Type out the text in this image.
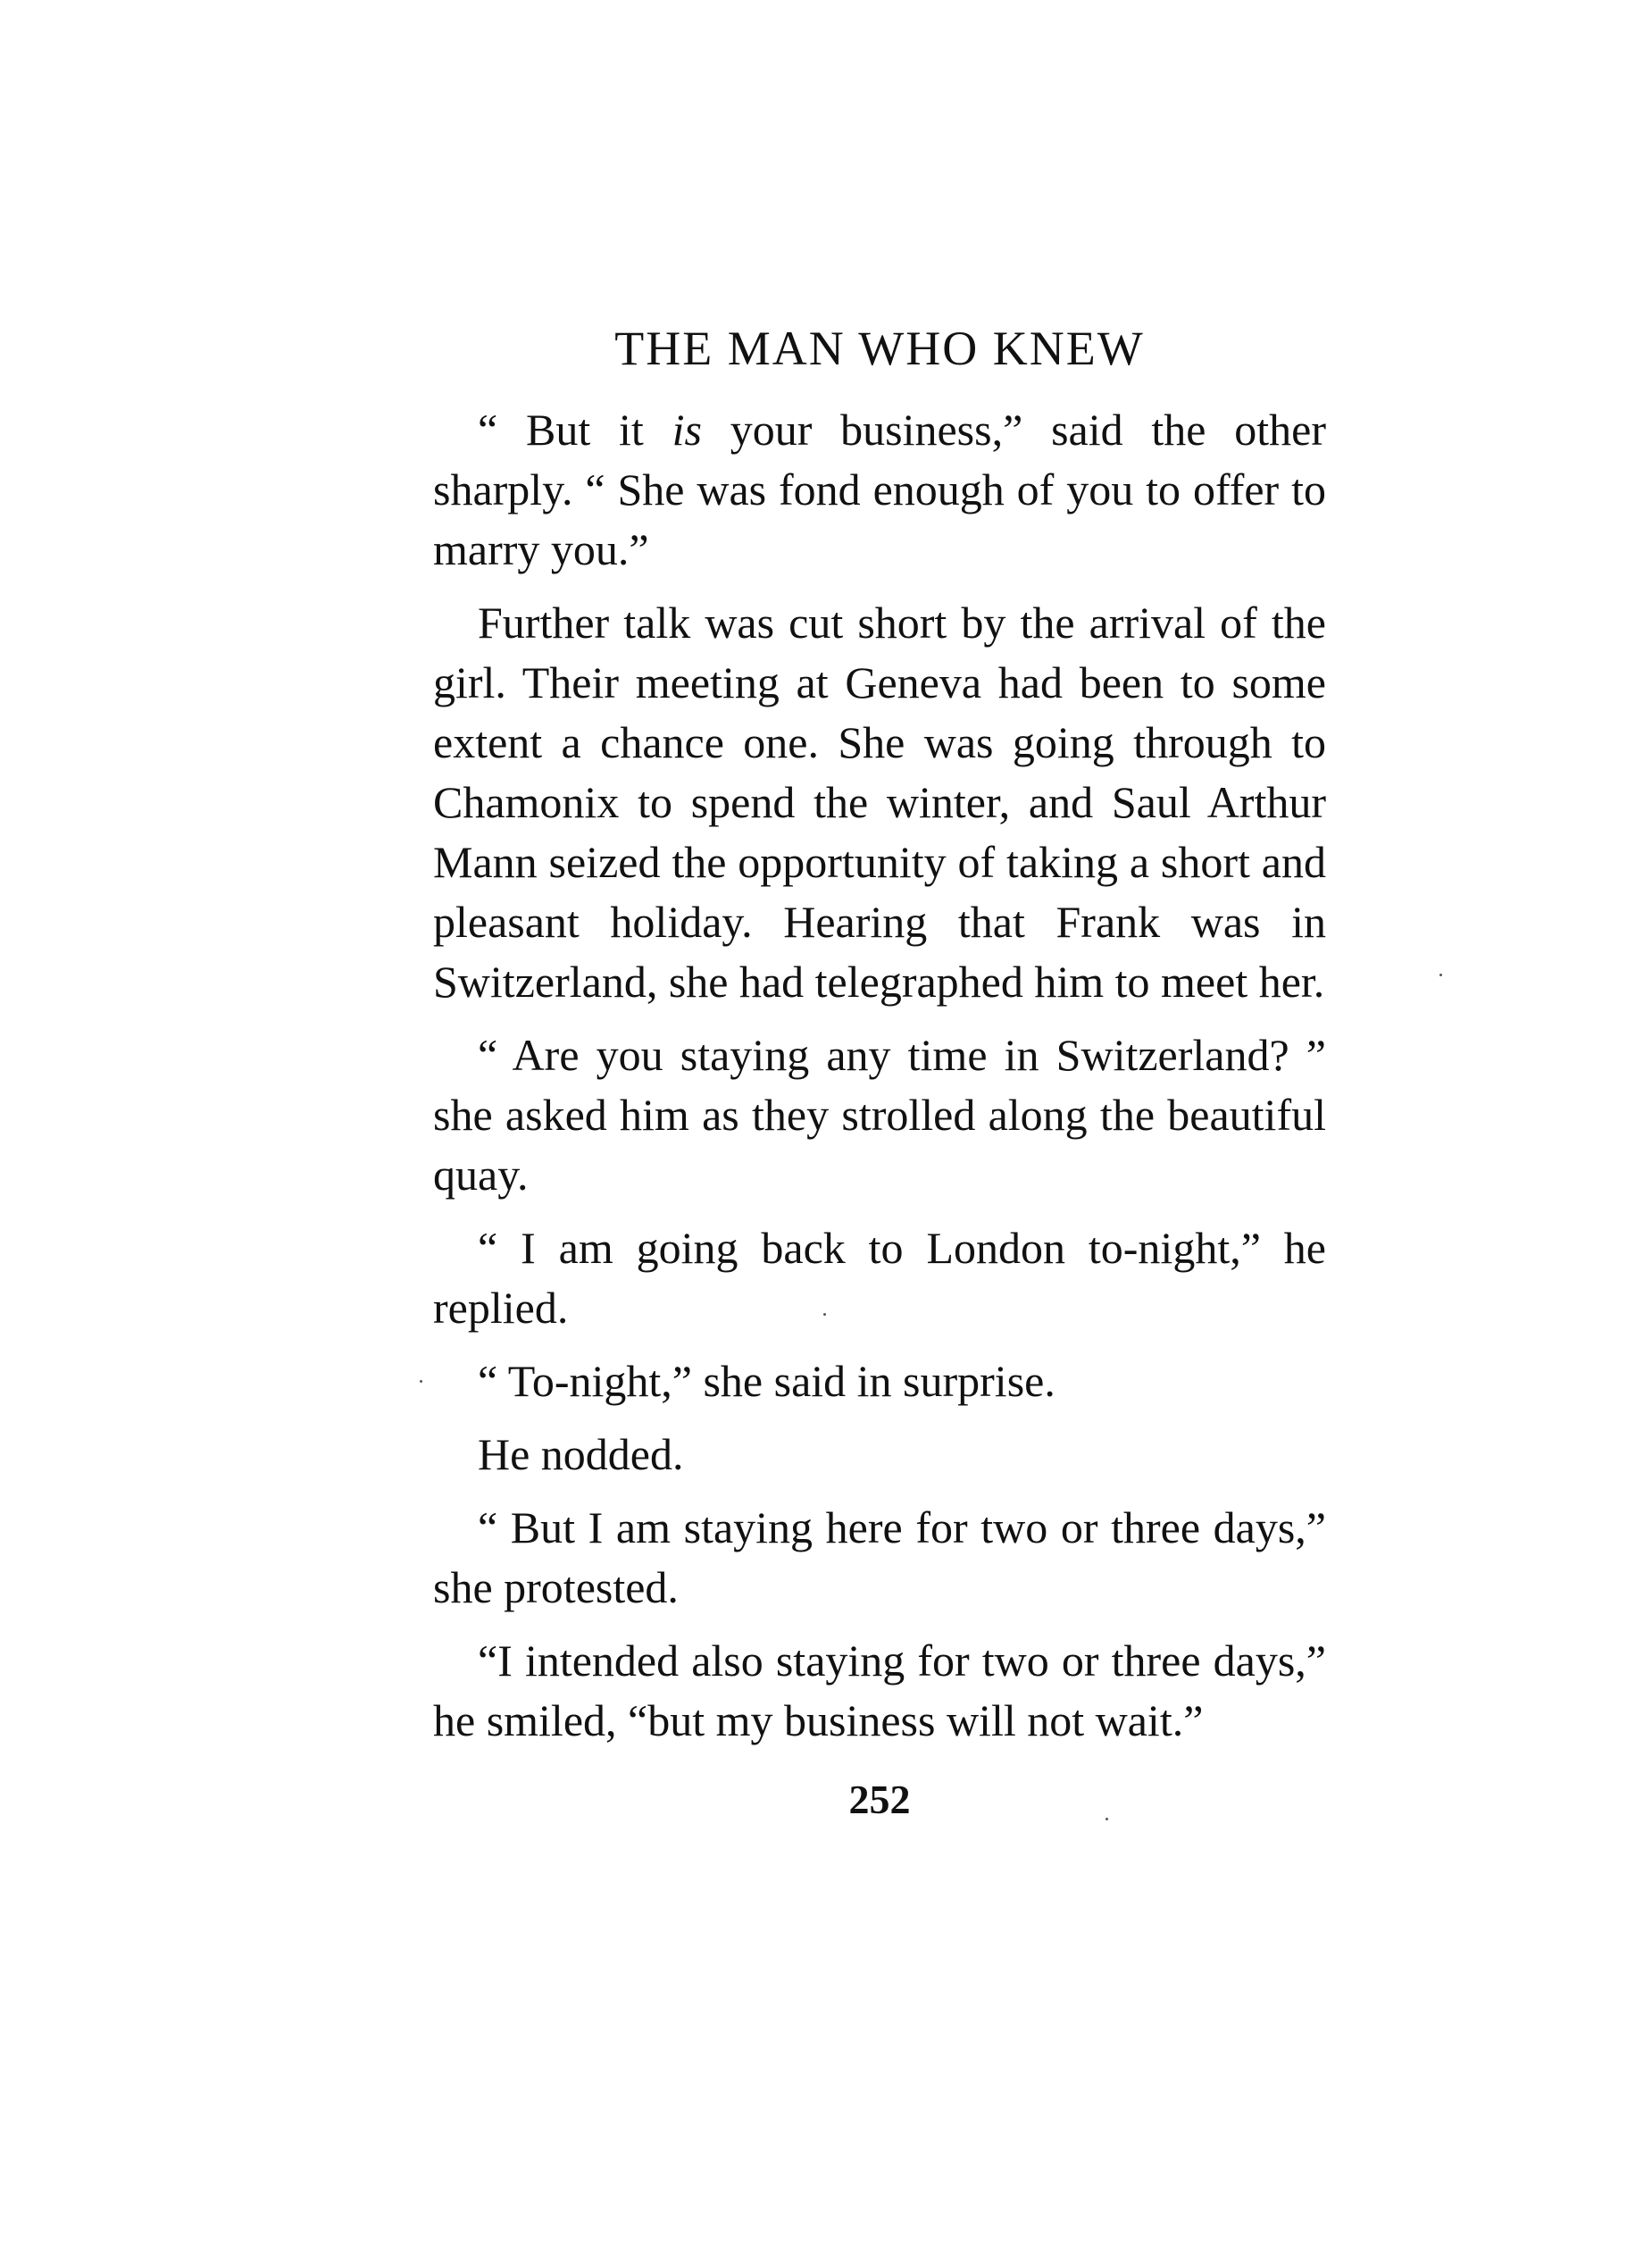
THE MAN WHO KNEW

“ But it is your business,” said the other sharply. “ She was fond enough of you to offer to marry you.”

Further talk was cut short by the arrival of the girl. Their meeting at Geneva had been to some extent a chance one. She was going through to Chamonix to spend the winter, and Saul Arthur Mann seized the opportunity of taking a short and pleasant holiday. Hearing that Frank was in Switzerland, she had telegraphed him to meet her.

“ Are you staying any time in Switzerland? ” she asked him as they strolled along the beautiful quay.

“ I am going back to London to-night,” he replied.

“ To-night,” she said in surprise.

He nodded.

“ But I am staying here for two or three days,” she protested.

“I intended also staying for two or three days,” he smiled, “but my business will not wait.”

252
